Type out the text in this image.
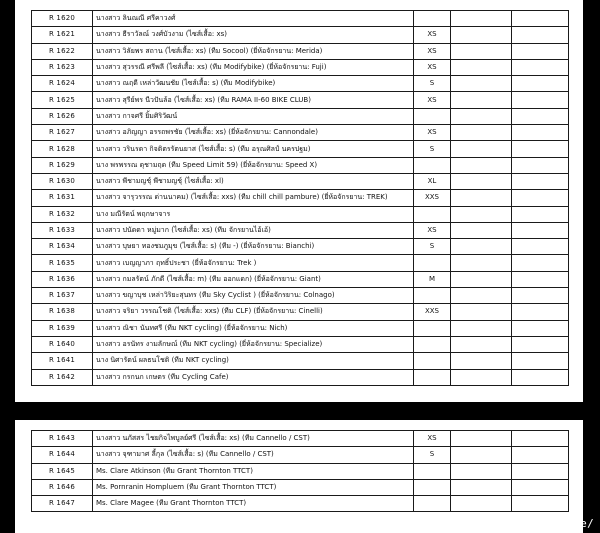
R 1620	นางสาว ลินณณี ศรีคาวงศ์			
R 1621	นางสาว ธีราวัลณ์ วงศ์บัวงาม (ไซส์เสื้อ: xs)	XS		
R 1622	นางสาว วิลัยพร สถาน (ไซส์เสื้อ: xs) (ทีม Socool) (ยี่ห้อจักรยาน: Merida)	XS		
R 1623	นางสาว สุวรรณี ศรีพลี (ไซส์เสื้อ: xs) (ทีม Modifybike) (ยี่ห้อจักรยาน: Fuji)	XS		
R 1624	นางสาว ณฤดี เหล่าวัฒนชัย (ไซส์เสื้อ: s) (ทีม Modifybike)	S		
R 1625	นางสาว สุรีย์พร นีวปันล้อ (ไซส์เสื้อ: xs) (ทีม RAMA II-60 BIKE CLUB)	XS		
R 1626	นางสาว กาจศรี ยิ้มศิริวัฒน์			
R 1627	นางสาว อภิญญา อรรถพรชัย (ไซส์เสื้อ: xs) (ยี่ห้อจักรยาน: Cannondale)	XS		
R 1628	นางสาว วรินรดา กิจติตรรัตนยาส (ไซส์เสื้อ: s) (ทีม อรุณศิลป์ นครปฐม)	S		
R 1629	นาง พรพรรณ ดุชามฤด (ทีม Speed Limit 59) (ยี่ห้อจักรยาน: Speed X)			
R 1630	นางสาว พีชามญชุ์ พีชามญชุ์ (ไซส์เสื้อ: xl)	XL		
R 1631	นางสาว จารุวรรณ ด่านนาคม) (ไซส์เสื้อ: xxs) (ทีม chill chill pambure) (ยี่ห้อจักรยาน: TREK)	XXS		
R 1632	นาง มณีรัตน์ พฤกษาจาร			
R 1633	นางสาว ปนัดดา หมู่มาก (ไซส์เสื้อ: xs) (ทีม จักรยานไอ้เอ้)	XS		
R 1634	นางสาว บุษยา ทองชมภูมุข (ไซส์เสื้อ: s) (ทีม -) (ยี่ห้อจักรยาน: Bianchi)	S		
R 1635	นางสาว เบญญาภา ฤทธิ์ประชา (ยี่ห้อจักรยาน: Trek )			
R 1636	นางสาว กมลรัตน์ ภักดี (ไซส์เสื้อ: m) (ทีม ออกแดก) (ยี่ห้อจักรยาน: Giant)	M		
R 1637	นางสาว ขญาบุช เหล่าวิริยะสุนทร (ทีม Sky Cyclist ) (ยี่ห้อจักรยาน: Colnago)			
R 1638	นางสาว จริยา วรรณโชติ (ไซส์เสื้อ: xxs) (ทีม CLF) (ยี่ห้อจักรยาน: Cinelli)	XXS		
R 1639	นางสาว ณิชา นันทศรี (ทีม NKT cycling) (ยี่ห้อจักรยาน: Nich)			
R 1640	นางสาว อรนัทร งามลักษณ์ (ทีม NKT cycling) (ยี่ห้อจักรยาน: Specialize)			
R 1641	นาง นิศารัตน์ ผลธนโชติ (ทีม NKT cycling)			
R 1642	นางสาว กรกนก เกษตร (ทีม Cycling Cafe)			
R 1643	นางสาว นภัสสร ไชยกิจไพบูลย์ศรี (ไซส์เสื้อ: xs) (ทีม Cannello / CST)	XS		
R 1644	นางสาว จุฑามาศ ลี้กุล (ไซส์เสื้อ: s) (ทีม Cannello / CST)	S		
R 1645	Ms. Clare Atkinson (ทีม Grant Thornton TTCT)			
R 1646	Ms. Pornranin Hompluem (ทีม Grant Thornton TTCT)			
R 1647	Ms. Clare Magee (ทีม Grant Thornton TTCT)			
[1080x927] https://upic.me/
